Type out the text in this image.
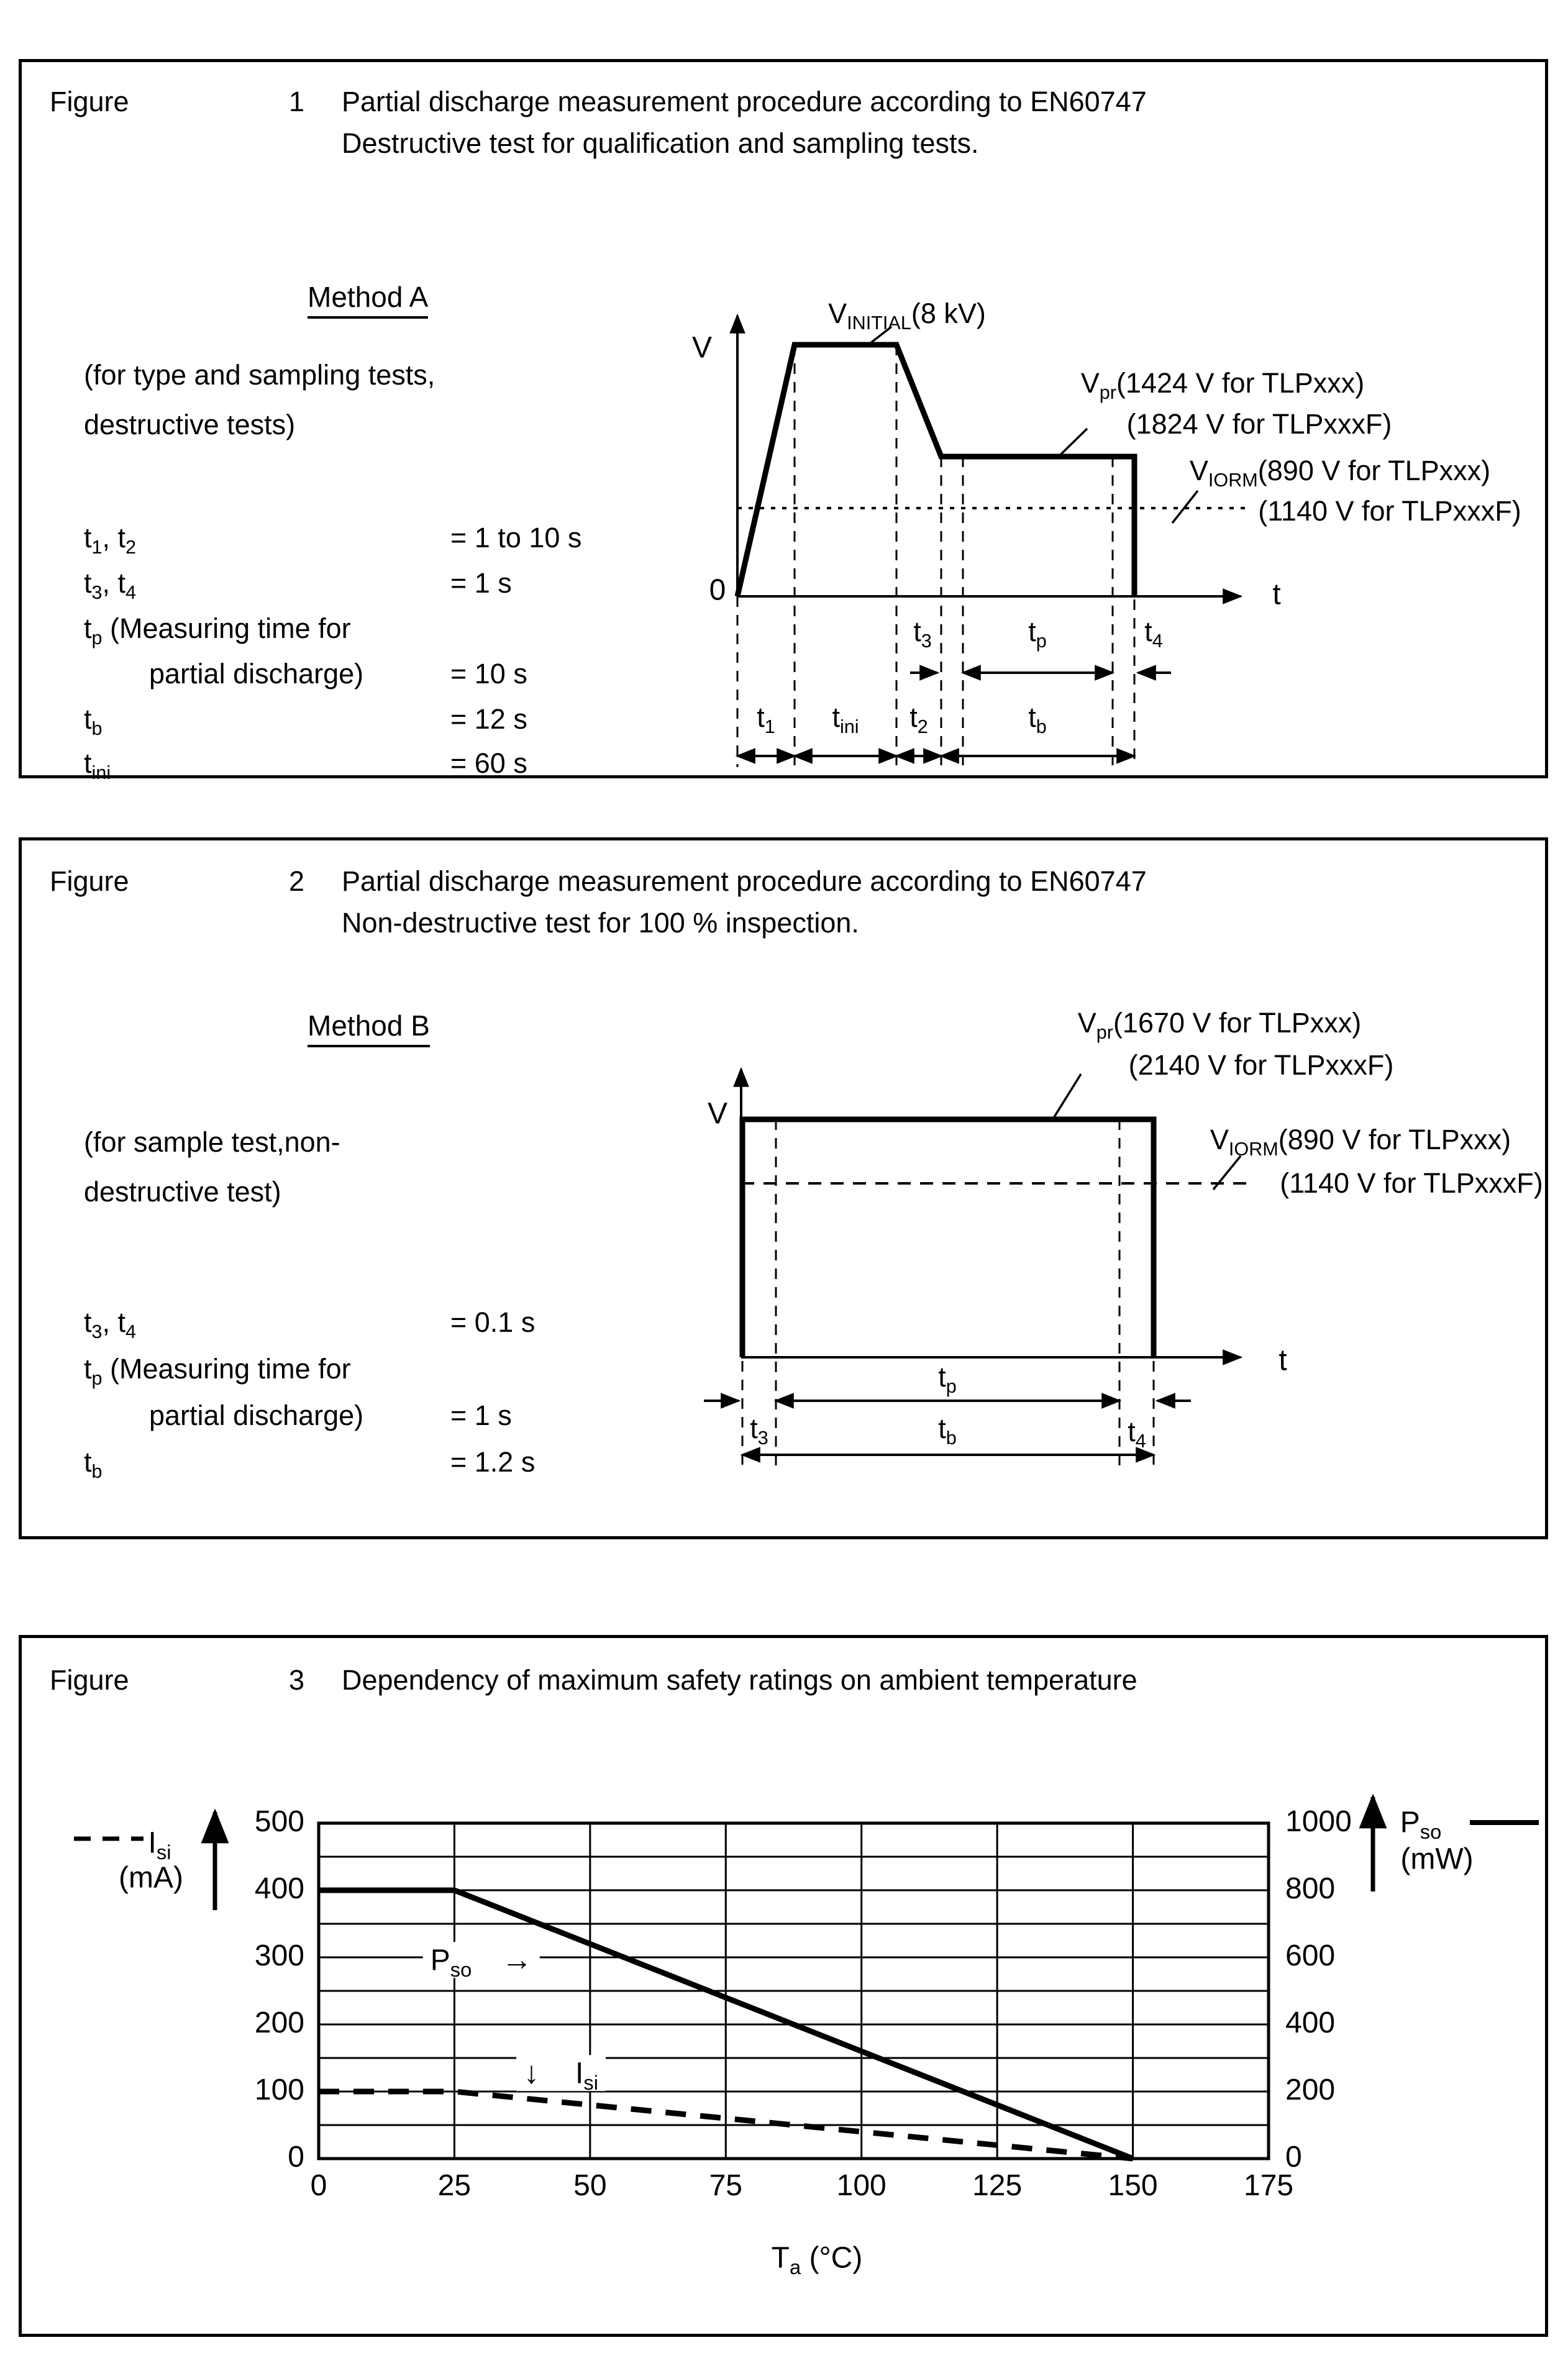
Figure	1 Partial discharge measurement procedure according to EN60747
Destructive test for qualification and sampling tests.
Method A
(for type and sampling tests,
destructive tests)
$t_1$, $t_2$	= 1 to 10 s
$t_3$, $t_4$	= 1 s
$t_p$ (Measuring time for
partial discharge)	= 10 s
$t_b$	= 12 s
$t_{ini}$	= 60 s
V
$V_{INITIAL}(8$ kV)
0	t
$V_{pr}(1424$ V for TLPxxx)
(1824 V for TLPxxxF)
$V_{IORM}(890$ V for TLPxxx)
(1140 V for TLPxxxF)
$t_3$	$t_p$	$t_4$
$t_1$ $t_{ini}$ $t_2$	$t_b$
Figure	2 Partial discharge measurement procedure according to EN60747
Non-destructive test for 100 % inspection.
Method B
(for sample test,non-
destructive test)
$t_3$, $t_4$	= 0.1 s
$t_p$ (Measuring time for
partial discharge)	= 1 s
$t_b$	= 1.2 s
V
t
$V_{pr}(1670$ V for TLPxxx)
(2140 V for TLPxxxF)
$V_{IORM}(890$ V for TLPxxx)
(1140 V for TLPxxxF)
$t_p$
$t_3$	$t_b$	$t_4$
Figure	3 Dependency of maximum safety ratings on ambient temperature
$I_{si}$
(mA)
$P_{so}$
(mW)
$P_{so}$ →
↓ $I_{si}$
$T_a$ (°C)
0
100
200
300
400
500
0
200
400
600
800
1000
0	25	50	75	100	125	150	175
